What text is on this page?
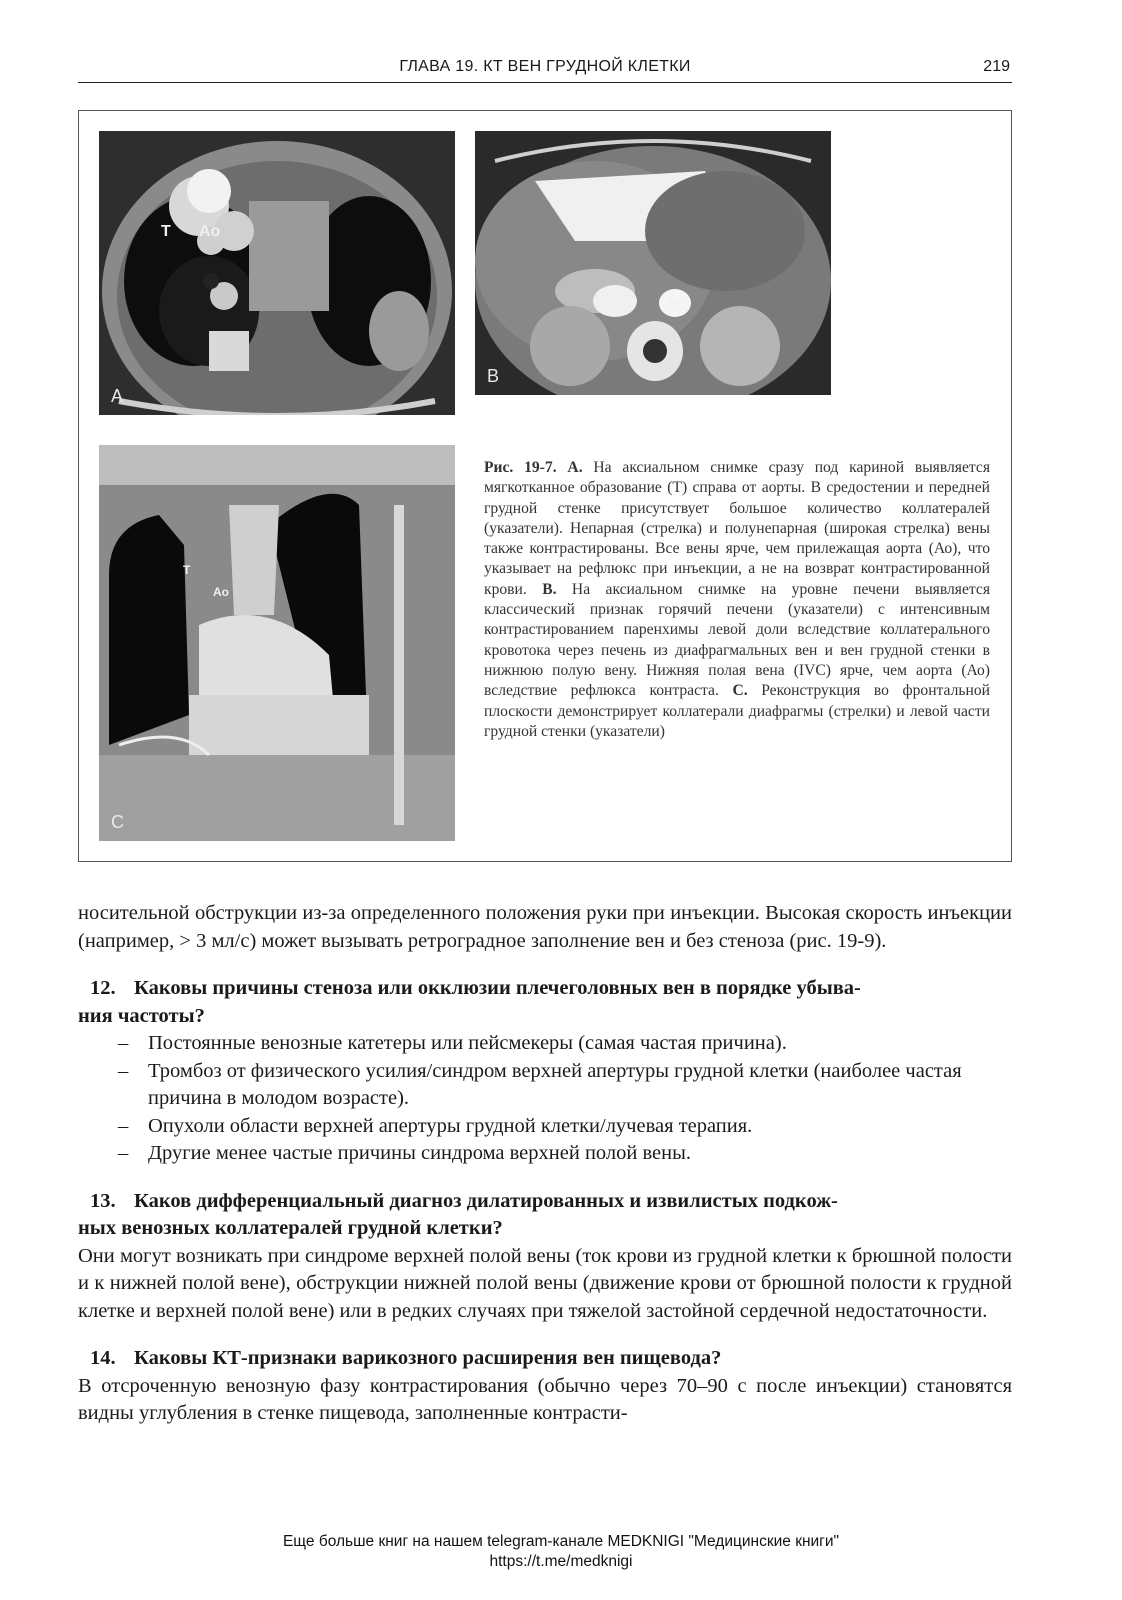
ГЛАВА 19. КТ ВЕН ГРУДНОЙ КЛЕТКИ	219
T Ao
A
IVC	Ao
B
T
Ao
C
Рис. 19-7. А. На аксиальном снимке сразу под кариной выявляется мягкотканное образование (Т) справа от аорты. В средостении и передней грудной стенке присутствует большое количество коллатералей (указатели). Непарная (стрелка) и полунепарная (широкая стрелка) вены также контрастированы. Все вены ярче, чем прилежащая аорта (Ао), что указывает на рефлюкс при инъекции, а не на возврат контрастированной крови. В. На аксиальном снимке на уровне печени выявляется классический признак горячий печени (указатели) с интенсивным контрастированием паренхимы левой доли вследствие коллатерального кровотока через печень из диафрагмальных вен и вен грудной стенки в нижнюю полую вену. Нижняя полая вена (IVC) ярче, чем аорта (Ао) вследствие рефлюкса контраста. С. Реконструкция во фронтальной плоскости демонстрирует коллатерали диафрагмы (стрелки) и левой части грудной стенки (указатели)

носительной обструкции из-за определенного положения руки при инъекции. Высокая скорость инъекции (например, > 3 мл/с) может вызывать ретроградное заполнение вен и без стеноза (рис. 19-9).

12. Каковы причины стеноза или окклюзии плечеголовных вен в порядке убыва-

ния частоты?

– Постоянные венозные катетеры или пейсмекеры (самая частая причина).
– Тромбоз от физического усилия/синдром верхней апертуры грудной клетки (наиболее частая причина в молодом возрасте).
– Опухоли области верхней апертуры грудной клетки/лучевая терапия.
– Другие менее частые причины синдрома верхней полой вены.

13. Каков дифференциальный диагноз дилатированных и извилистых подкож-

ных венозных коллатералей грудной клетки?

Они могут возникать при синдроме верхней полой вены (ток крови из грудной клетки к брюшной полости и к нижней полой вене), обструкции нижней полой вены (движение крови от брюшной полости к грудной клетке и верхней полой вене) или в редких случаях при тяжелой застойной сердечной недостаточности.

14. Каковы КТ-признаки варикозного расширения вен пищевода?

В отсроченную венозную фазу контрастирования (обычно через 70–90 с после инъекции) становятся видны углубления в стенке пищевода, заполненные контрасти-

Еще больше книг на нашем telegram-канале MEDKNIGI "Медицинские книги"
https://t.me/medknigi
